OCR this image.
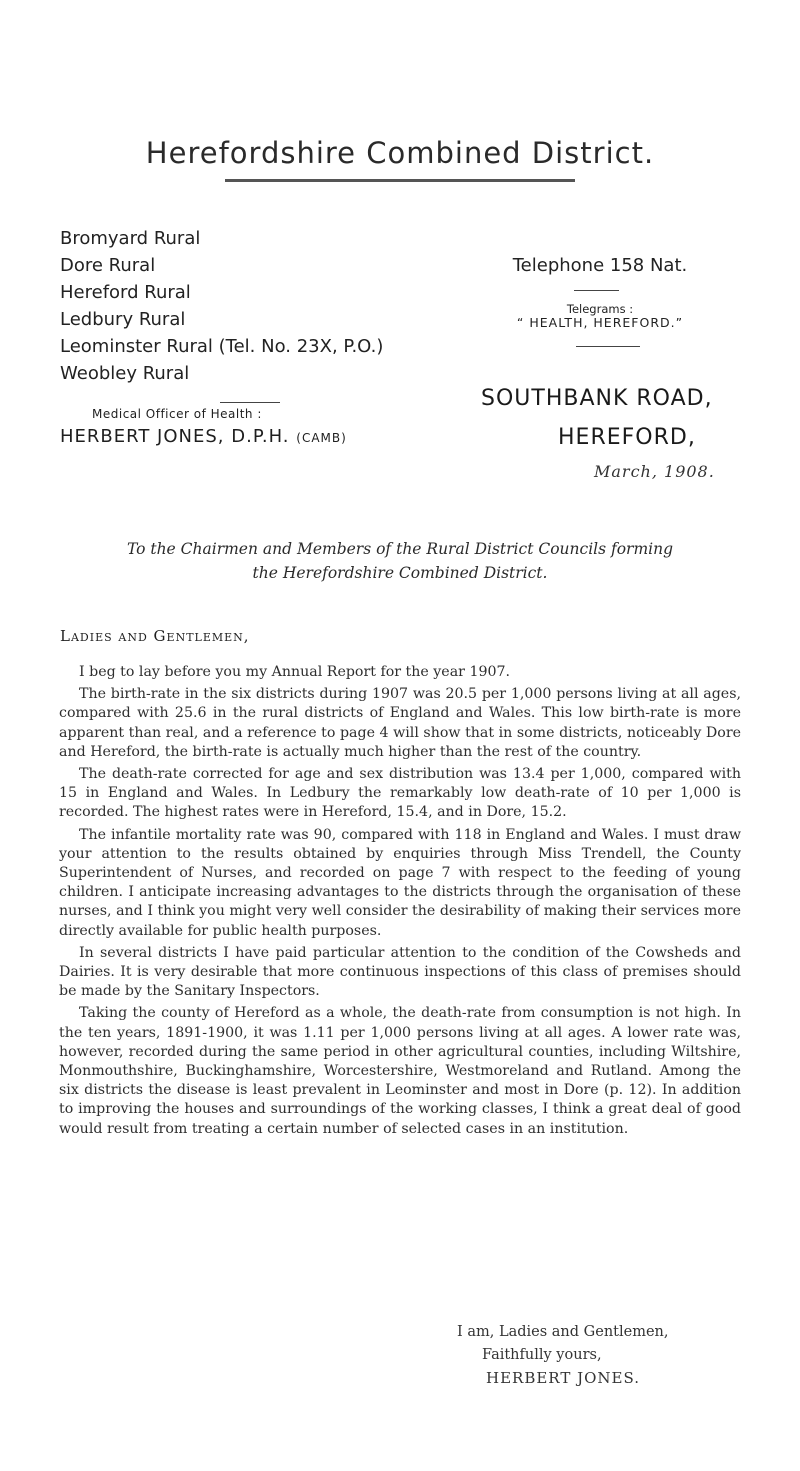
Herefordshire Combined District.
Bromyard Rural
Dore Rural
Hereford Rural
Ledbury Rural
Leominster Rural (Tel. No. 23X, P.O.)
Weobley Rural
Medical Officer of Health :
HERBERT JONES, D.P.H. (CAMB)
Telephone 158 Nat.
Telegrams :
“ HEALTH, HEREFORD.”
SOUTHBANK ROAD,
HEREFORD,
March, 1908.
To the Chairmen and Members of the Rural District Councils forming
the Herefordshire Combined District.
Ladies and Gentlemen,

I beg to lay before you my Annual Report for the year 1907.

The birth-rate in the six districts during 1907 was 20.5 per 1,000 persons living at all ages, compared with 25.6 in the rural districts of England and Wales. This low birth-rate is more apparent than real, and a reference to page 4 will show that in some districts, noticeably Dore and Hereford, the birth-rate is actually much higher than the rest of the country.

The death-rate corrected for age and sex distribution was 13.4 per 1,000, compared with 15 in England and Wales. In Ledbury the remarkably low death-rate of 10 per 1,000 is recorded. The highest rates were in Hereford, 15.4, and in Dore, 15.2.

The infantile mortality rate was 90, compared with 118 in England and Wales. I must draw your attention to the results obtained by enquiries through Miss Trendell, the County Superintendent of Nurses, and recorded on page 7 with respect to the feeding of young children. I anticipate increasing advantages to the districts through the organisation of these nurses, and I think you might very well consider the desirability of making their services more directly available for public health purposes.

In several districts I have paid particular attention to the condition of the Cowsheds and Dairies. It is very desirable that more continuous inspections of this class of premises should be made by the Sanitary Inspectors.

Taking the county of Hereford as a whole, the death-rate from consumption is not high. In the ten years, 1891-1900, it was 1.11 per 1,000 persons living at all ages. A lower rate was, however, recorded during the same period in other agricultural counties, including Wiltshire, Monmouthshire, Buckinghamshire, Worcestershire, Westmoreland and Rutland. Among the six districts the disease is least prevalent in Leominster and most in Dore (p. 12). In addition to improving the houses and surroundings of the working classes, I think a great deal of good would result from treating a certain number of selected cases in an institution.

I am, Ladies and Gentlemen,
Faithfully yours,
HERBERT JONES.
